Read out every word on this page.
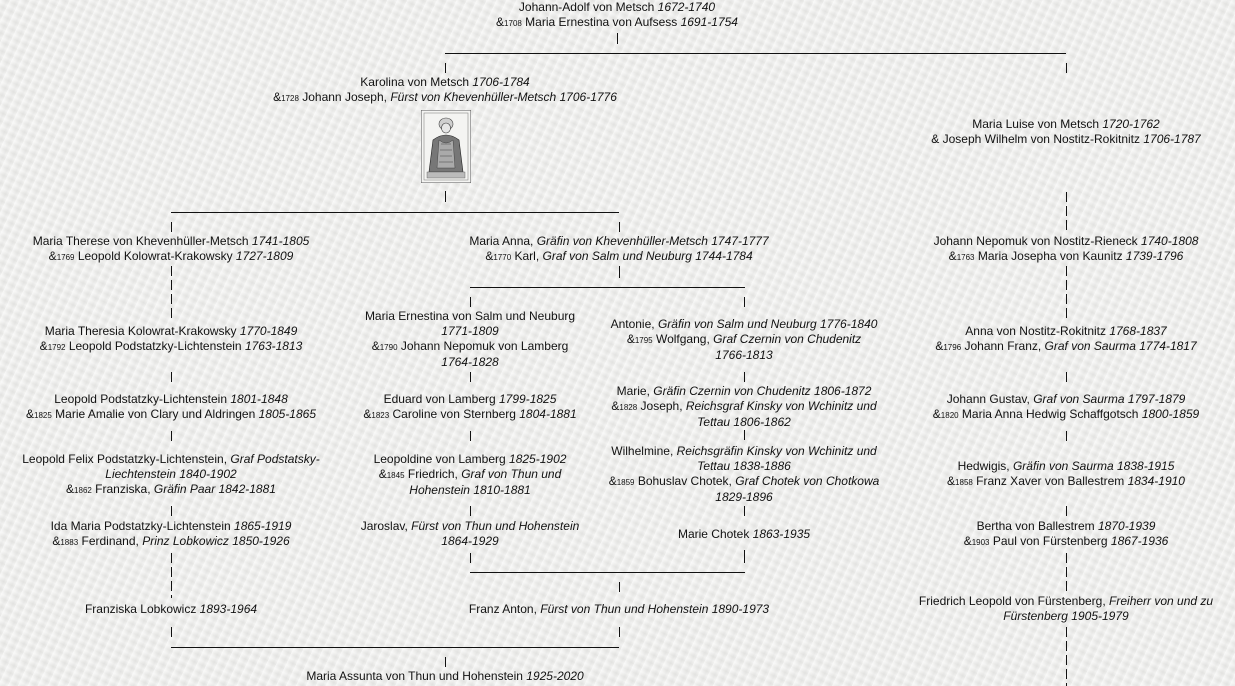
Johann-Adolf von Metsch 1672-1740
&1708 Maria Ernestina von Aufsess 1691-1754
Karolina von Metsch 1706-1784
&1728 Johann Joseph, Fürst von Khevenhüller-Metsch 1706-1776
Maria Luise von Metsch 1720-1762
& Joseph Wilhelm von Nostitz-Rokitnitz 1706-1787
Maria Therese von Khevenhüller-Metsch 1741-1805
&1769 Leopold Kolowrat-Krakowsky 1727-1809
Maria Anna, Gräfin von Khevenhüller-Metsch 1747-1777
&1770 Karl, Graf von Salm und Neuburg 1744-1784
Johann Nepomuk von Nostitz-Rieneck 1740-1808
&1763 Maria Josepha von Kaunitz 1739-1796
Maria Theresia Kolowrat-Krakowsky 1770-1849
&1792 Leopold Podstatzky-Lichtenstein 1763-1813
Maria Ernestina von Salm und Neuburg
1771-1809
&1790 Johann Nepomuk von Lamberg
1764-1828
Antonie, Gräfin von Salm und Neuburg 1776-1840
&1795 Wolfgang, Graf Czernin von Chudenitz
1766-1813
Anna von Nostitz-Rokitnitz 1768-1837
&1796 Johann Franz, Graf von Saurma 1774-1817
Leopold Podstatzky-Lichtenstein 1801-1848
&1825 Marie Amalie von Clary und Aldringen 1805-1865
Eduard von Lamberg 1799-1825
&1823 Caroline von Sternberg 1804-1881
Marie, Gräfin Czernin von Chudenitz 1806-1872
&1828 Joseph, Reichsgraf Kinsky von Wchinitz und
Tettau 1806-1862
Johann Gustav, Graf von Saurma 1797-1879
&1820 Maria Anna Hedwig Schaffgotsch 1800-1859
Leopold Felix Podstatzky-Lichtenstein, Graf Podstatsky-
Liechtenstein 1840-1902
&1862 Franziska, Gräfin Paar 1842-1881
Leopoldine von Lamberg 1825-1902
&1845 Friedrich, Graf von Thun und
Hohenstein 1810-1881
Wilhelmine, Reichsgräfin Kinsky von Wchinitz und
Tettau 1838-1886
&1859 Bohuslav Chotek, Graf Chotek von Chotkowa
1829-1896
Hedwigis, Gräfin von Saurma 1838-1915
&1858 Franz Xaver von Ballestrem 1834-1910
Ida Maria Podstatzky-Lichtenstein 1865-1919
&1883 Ferdinand, Prinz Lobkowicz 1850-1926
Jaroslav, Fürst von Thun und Hohenstein
1864-1929	Marie Chotek 1863-1935
Bertha von Ballestrem 1870-1939
&1903 Paul von Fürstenberg 1867-1936
Franziska Lobkowicz 1893-1964	Franz Anton, Fürst von Thun und Hohenstein 1890-1973
Friedrich Leopold von Fürstenberg, Freiherr von und zu
Fürstenberg 1905-1979
Maria Assunta von Thun und Hohenstein 1925-2020
